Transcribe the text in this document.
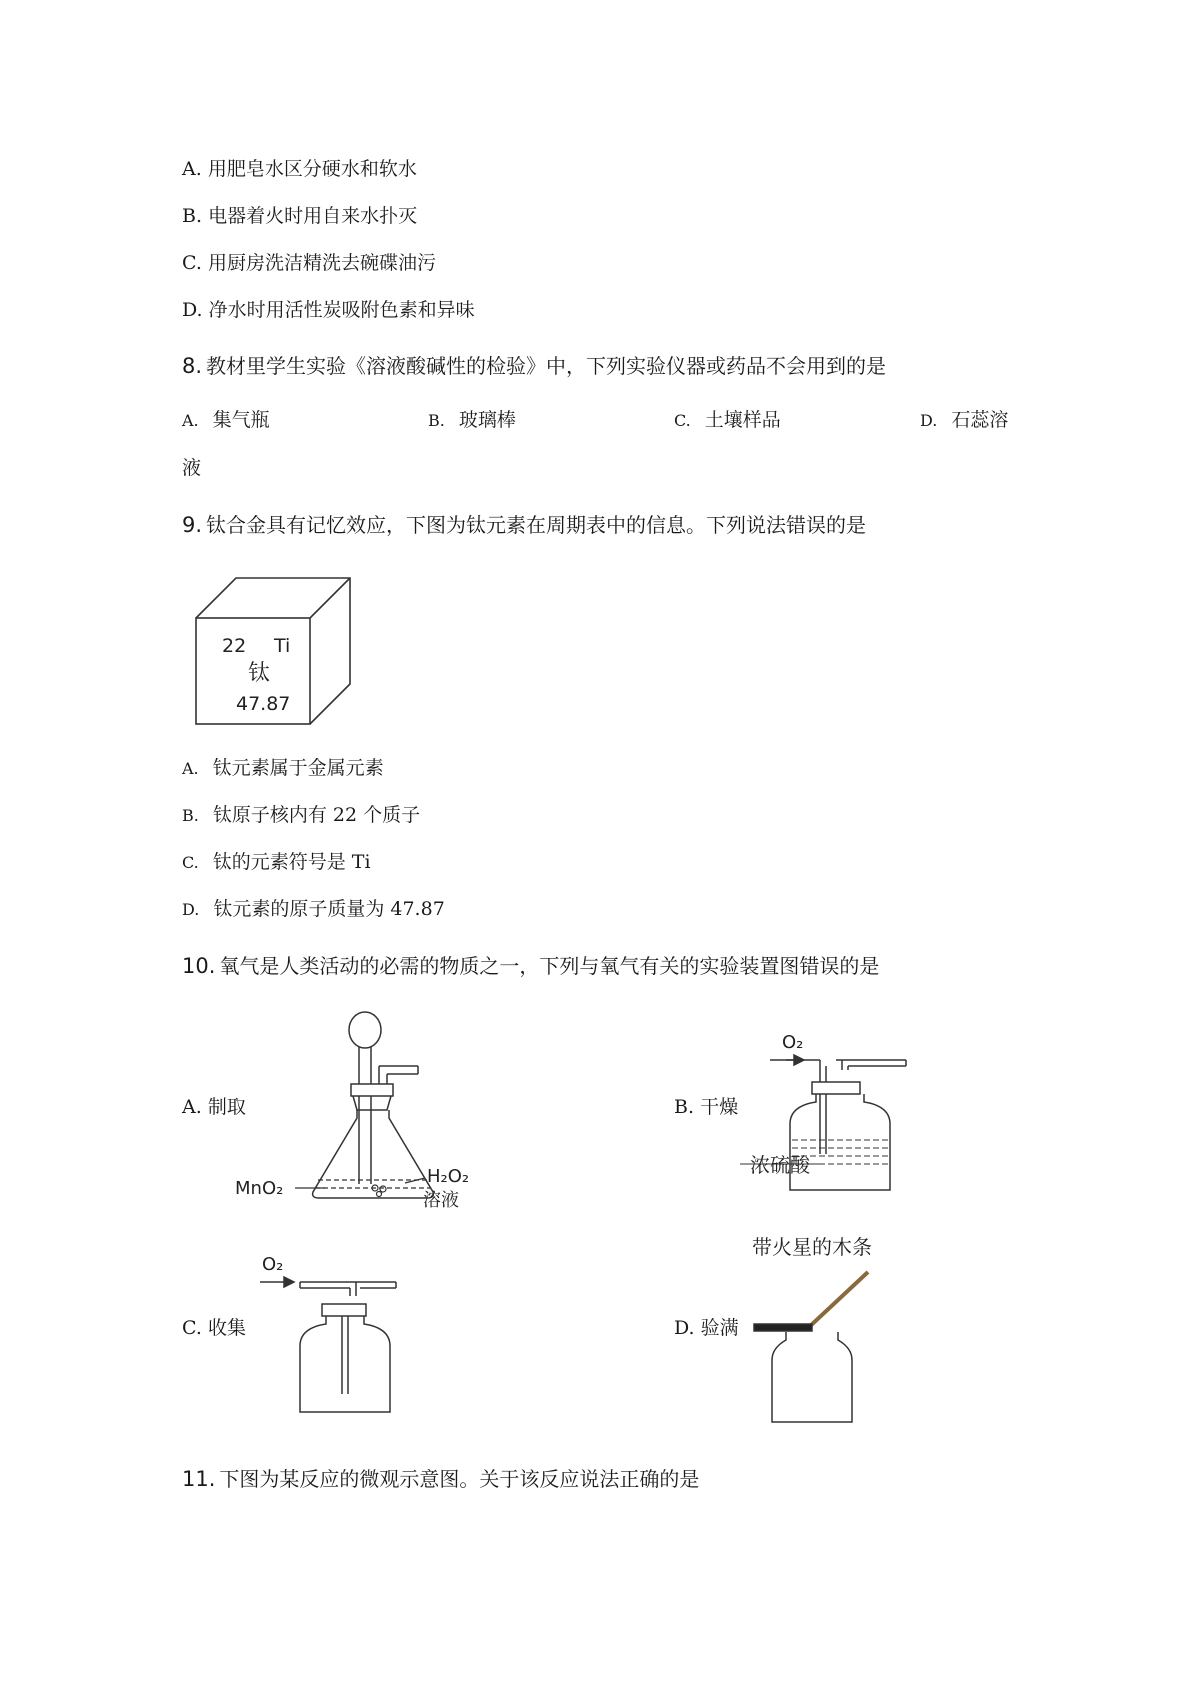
A. 用肥皂水区分硬水和软水
B. 电器着火时用自来水扑灭
C. 用厨房洗洁精洗去碗碟油污
D. 净水时用活性炭吸附色素和异味
8. 教材里学生实验《溶液酸碱性的检验》中，下列实验仪器或药品不会用到的是
A. 集气瓶	B. 玻璃棒	C. 土壤样品	D. 石蕊溶
液
9. 钛合金具有记忆效应，下图为钛元素在周期表中的信息。下列说法错误的是
22 Ti
钛
47.87
A. 钛元素属于金属元素
B. 钛原子核内有 22 个质子
C. 钛的元素符号是 Ti
D. 钛元素的原子质量为 47.87
10. 氧气是人类活动的必需的物质之一，下列与氧气有关的实验装置图错误的是
A. 制取	B. 干燥
C. 收集	D. 验满
MnO₂
H₂O₂
溶液
O₂
浓硫酸
O₂
带火星的木条
11. 下图为某反应的微观示意图。关于该反应说法正确的是
